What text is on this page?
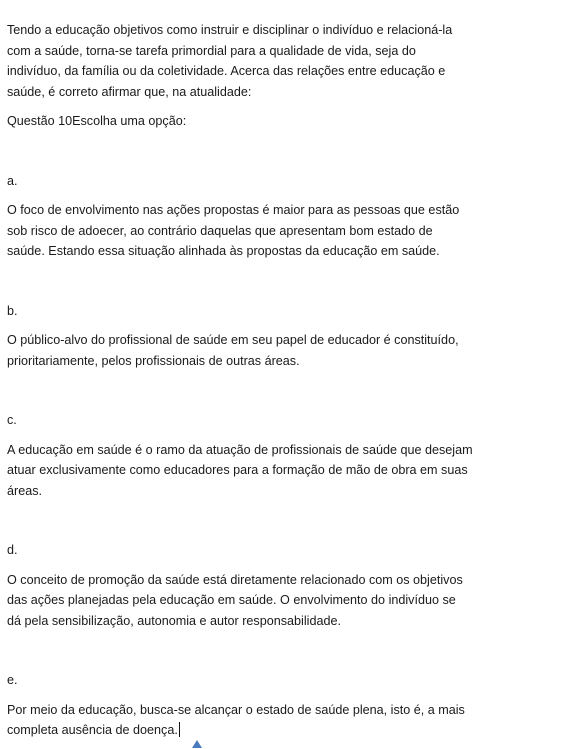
Tendo a educação objetivos como instruir e disciplinar o indivíduo e relacioná-la
com a saúde, torna-se tarefa primordial para a qualidade de vida, seja do
indivíduo, da família ou da coletividade. Acerca das relações entre educação e
saúde, é correto afirmar que, na atualidade:

Questão 10Escolha uma opção:

a.

O foco de envolvimento nas ações propostas é maior para as pessoas que estão
sob risco de adoecer, ao contrário daquelas que apresentam bom estado de
saúde. Estando essa situação alinhada às propostas da educação em saúde.

b.

O público-alvo do profissional de saúde em seu papel de educador é constituído,
prioritariamente, pelos profissionais de outras áreas.

c.

A educação em saúde é o ramo da atuação de profissionais de saúde que desejam
atuar exclusivamente como educadores para a formação de mão de obra em suas
áreas.

d.

O conceito de promoção da saúde está diretamente relacionado com os objetivos
das ações planejadas pela educação em saúde. O envolvimento do indivíduo se
dá pela sensibilização, autonomia e autor responsabilidade.

e.

Por meio da educação, busca-se alcançar o estado de saúde plena, isto é, a mais
completa ausência de doença.
